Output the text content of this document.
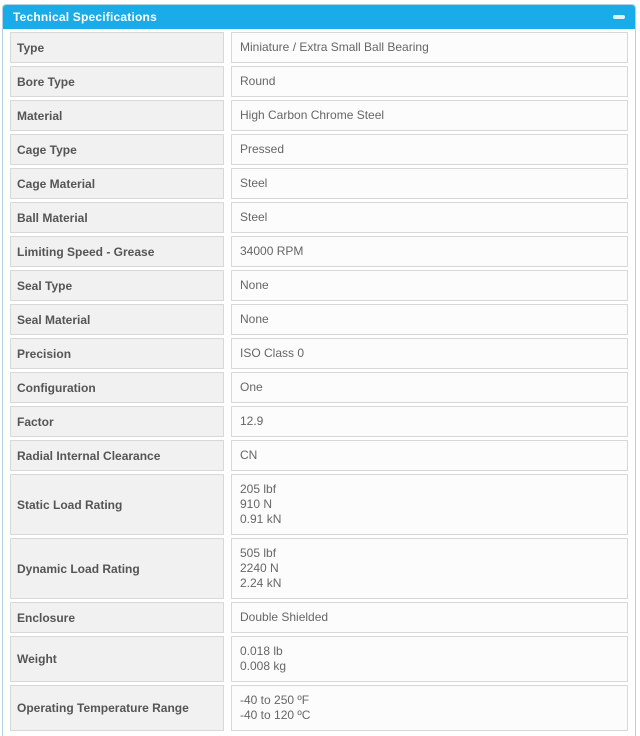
Technical Specifications
Type	Miniature / Extra Small Ball Bearing

Bore Type	Round

Material	High Carbon Chrome Steel

Cage Type	Pressed

Cage Material	Steel

Ball Material	Steel

Limiting Speed - Grease	34000 RPM

Seal Type	None

Seal Material	None

Precision	ISO Class 0

Configuration	One

Factor	12.9

Radial Internal Clearance	CN

Static Load Rating	205 lbf
910 N
0.91 kN

Dynamic Load Rating	505 lbf
2240 N
2.24 kN

Enclosure	Double Shielded

Weight	0.018 lb
0.008 kg

Operating Temperature Range	-40 to 250 ºF
-40 to 120 ºC
